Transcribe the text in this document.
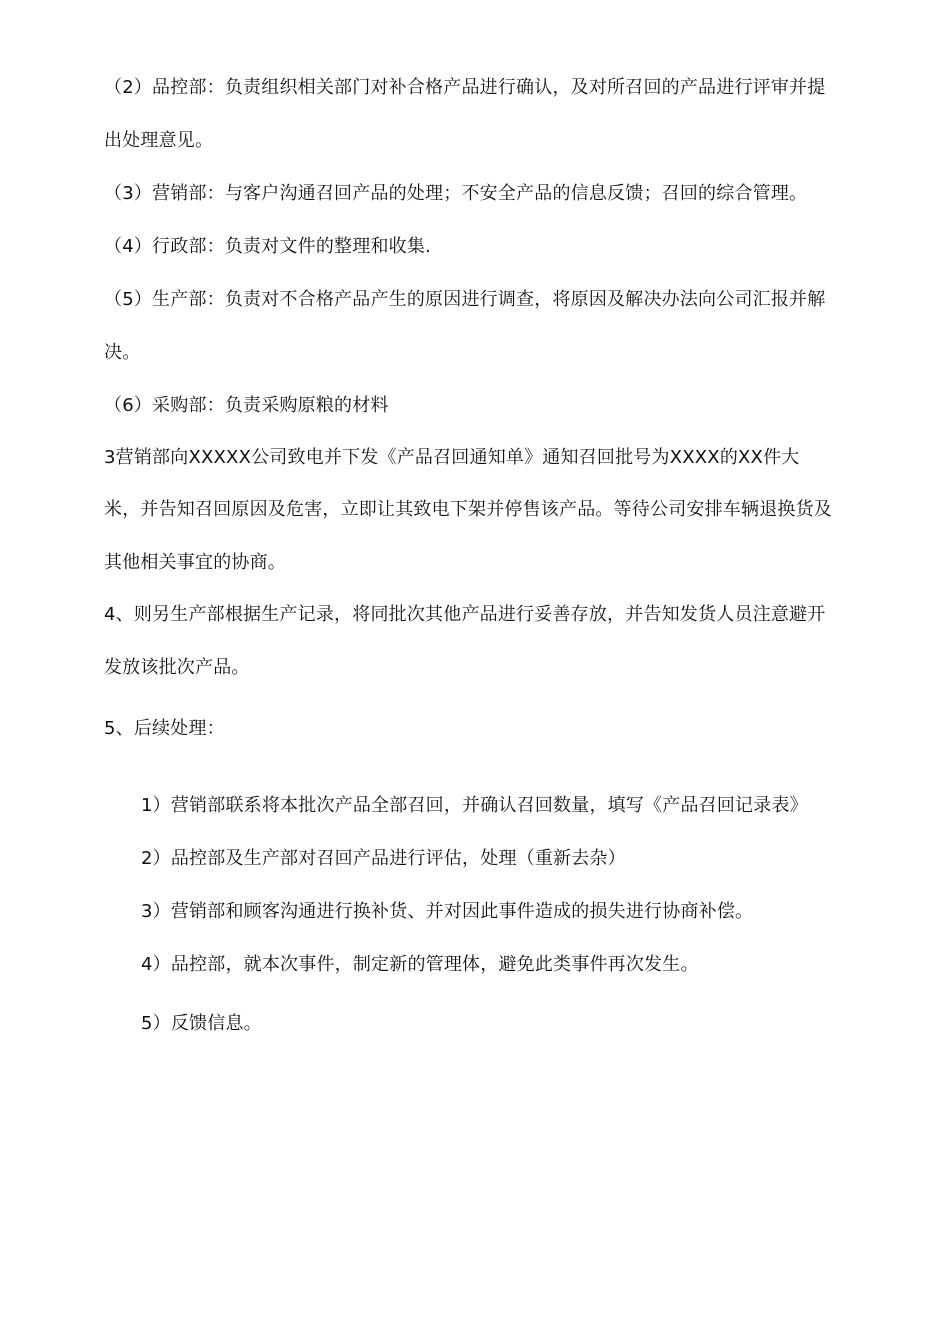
（2）品控部：负责组织相关部门对补合格产品进行确认，及对所召回的产品进行评审并提
出处理意见。
（3）营销部：与客户沟通召回产品的处理；不安全产品的信息反馈；召回的综合管理。
（4）行政部：负责对文件的整理和收集.
（5）生产部：负责对不合格产品产生的原因进行调查，将原因及解决办法向公司汇报并解
决。
（6）采购部：负责采购原粮的材料
3营销部向XXXXX公司致电并下发《产品召回通知单》通知召回批号为XXXX的XX件大
米，并告知召回原因及危害，立即让其致电下架并停售该产品。等待公司安排车辆退换货及
其他相关事宜的协商。
4、则另生产部根据生产记录，将同批次其他产品进行妥善存放，并告知发货人员注意避开
发放该批次产品。
5、后续处理：
1）营销部联系将本批次产品全部召回，并确认召回数量，填写《产品召回记录表》
2）品控部及生产部对召回产品进行评估，处理（重新去杂）
3）营销部和顾客沟通进行换补货、并对因此事件造成的损失进行协商补偿。
4）品控部，就本次事件，制定新的管理体，避免此类事件再次发生。
5）反馈信息。
